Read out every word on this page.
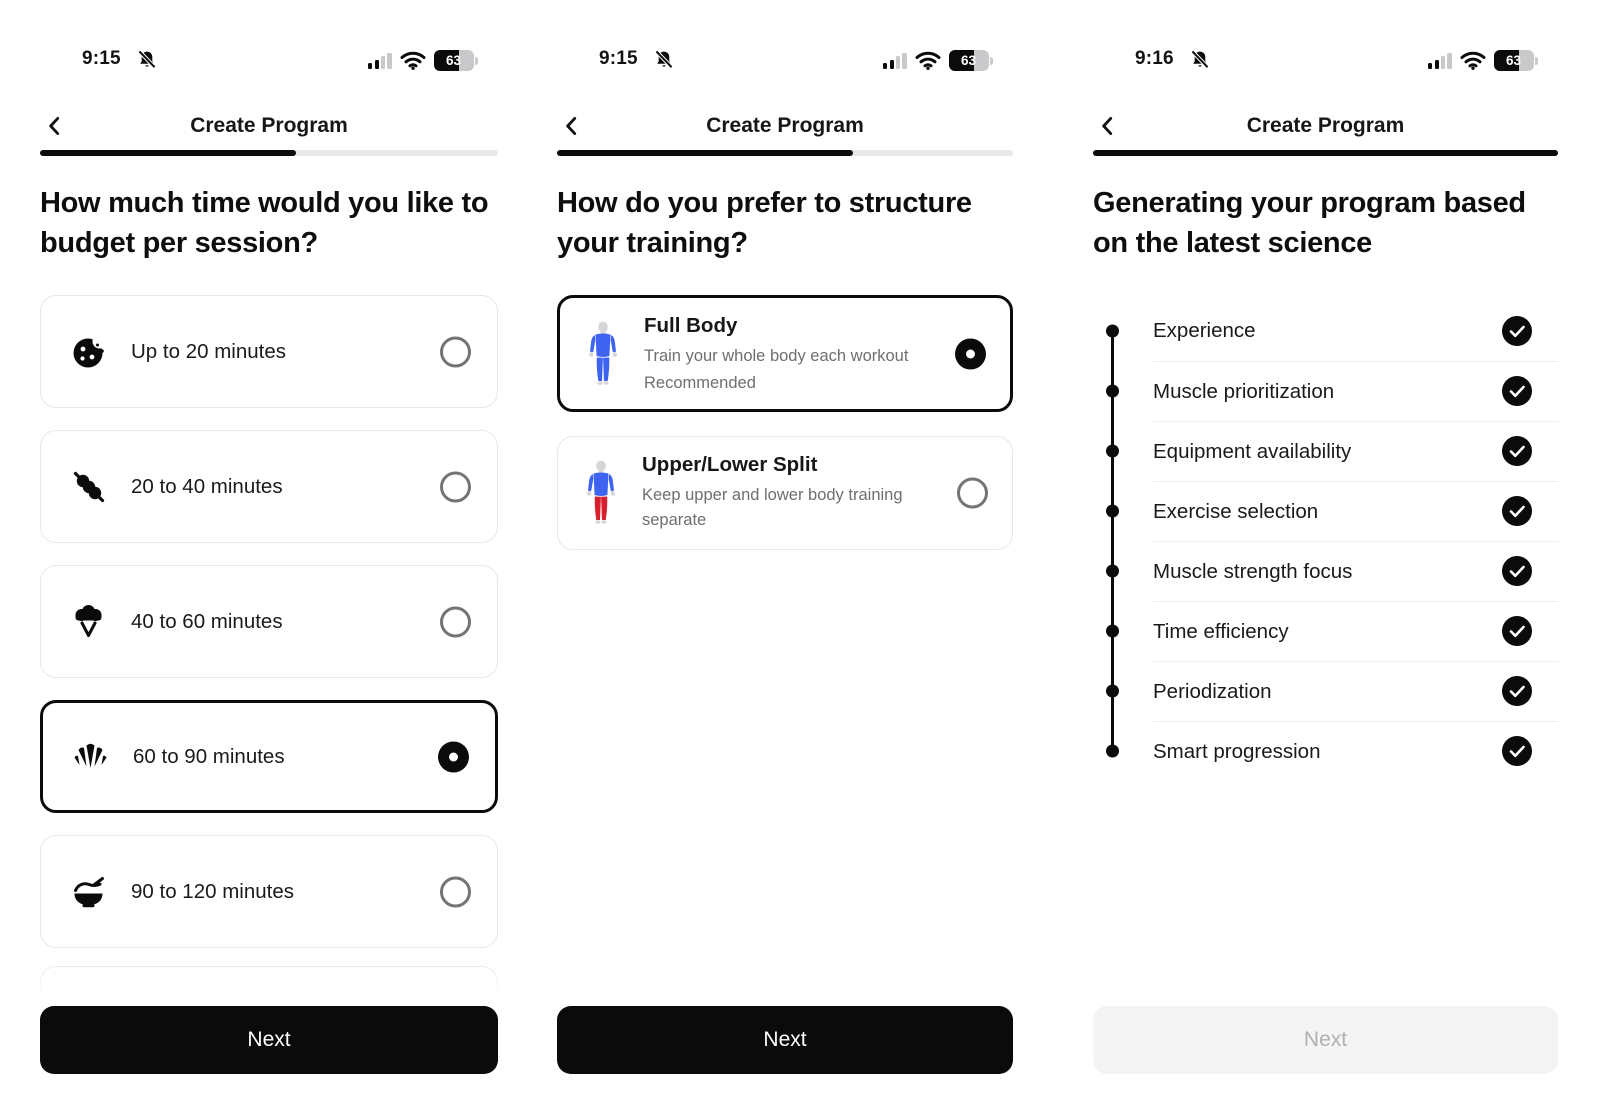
9:15	63
Create Program
How much time would you like to budget per session?
Up to 20 minutes
20 to 40 minutes
40 to 60 minutes
60 to 90 minutes
90 to 120 minutes
Next
9:15	63
Create Program
How do you prefer to structure your training?
Full Body
Train your whole body each workout
Recommended
Upper/Lower Split
Keep upper and lower body training separate
Next
9:16	63
Create Program
Generating your program based on the latest science
Experience
Muscle prioritization
Equipment availability
Exercise selection
Muscle strength focus
Time efficiency
Periodization
Smart progression
Next
